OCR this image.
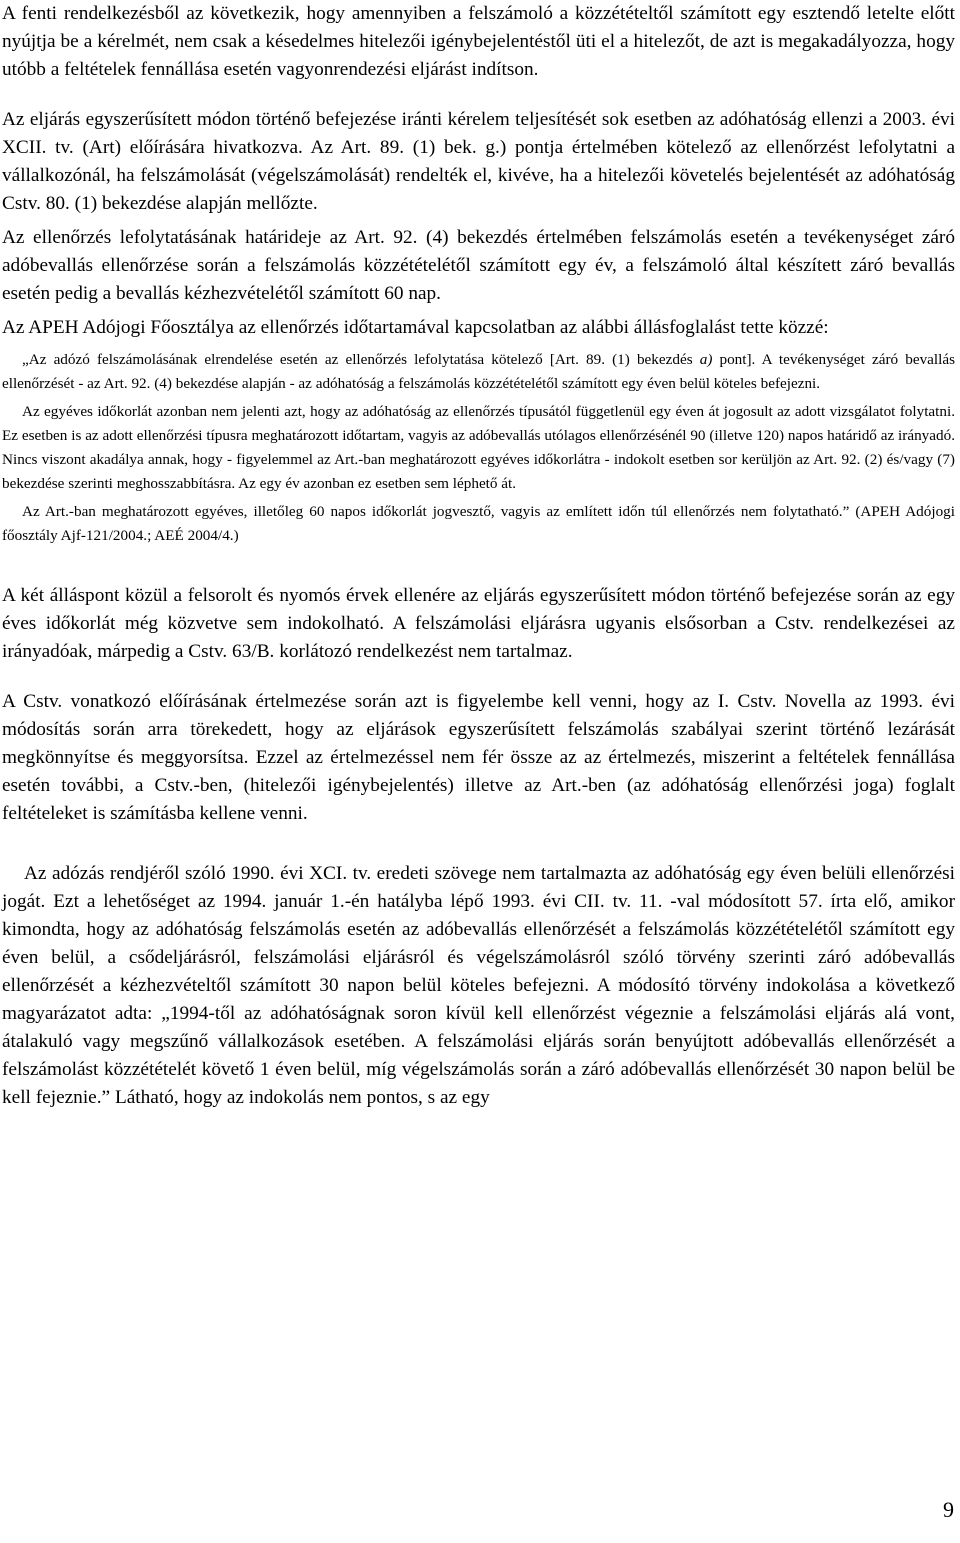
A fenti rendelkezésből az következik, hogy amennyiben a felszámoló a közzétételtől számított egy esztendő letelte előtt nyújtja be a kérelmét, nem csak a késedelmes hitelezői igénybejelentéstől üti el a hitelezőt, de azt is megakadályozza, hogy utóbb a feltételek fennállása esetén vagyonrendezési eljárást indítson.

Az eljárás egyszerűsített módon történő befejezése iránti kérelem teljesítését sok esetben az adóhatóság ellenzi a 2003. évi XCII. tv. (Art) előírására hivatkozva. Az Art. 89. (1) bek. g.) pontja értelmében kötelező az ellenőrzést lefolytatni a vállalkozónál, ha felszámolását (végelszámolását) rendelték el, kivéve, ha a hitelezői követelés bejelentését az adóhatóság Cstv. 80. (1) bekezdése alapján mellőzte.

Az ellenőrzés lefolytatásának határideje az Art. 92. (4) bekezdés értelmében felszámolás esetén a tevékenységet záró adóbevallás ellenőrzése során a felszámolás közzétételétől számított egy év, a felszámoló által készített záró bevallás esetén pedig a bevallás kézhezvételétől számított 60 nap.

Az APEH Adójogi Főosztálya az ellenőrzés időtartamával kapcsolatban az alábbi állásfoglalást tette közzé:

„Az adózó felszámolásának elrendelése esetén az ellenőrzés lefolytatása kötelező [Art. 89. (1) bekezdés a) pont]. A tevékenységet záró bevallás ellenőrzését - az Art. 92. (4) bekezdése alapján - az adóhatóság a felszámolás közzétételétől számított egy éven belül köteles befejezni.

Az egyéves időkorlát azonban nem jelenti azt, hogy az adóhatóság az ellenőrzés típusától függetlenül egy éven át jogosult az adott vizsgálatot folytatni. Ez esetben is az adott ellenőrzési típusra meghatározott időtartam, vagyis az adóbevallás utólagos ellenőrzésénél 90 (illetve 120) napos határidő az irányadó. Nincs viszont akadálya annak, hogy - figyelemmel az Art.-ban meghatározott egyéves időkorlátra - indokolt esetben sor kerüljön az Art. 92. (2) és/vagy (7) bekezdése szerinti meghosszabbításra. Az egy év azonban ez esetben sem léphető át.

Az Art.-ban meghatározott egyéves, illetőleg 60 napos időkorlát jogvesztő, vagyis az említett időn túl ellenőrzés nem folytatható.” (APEH Adójogi főosztály Ajf-121/2004.; AEÉ 2004/4.)

A két álláspont közül a felsorolt és nyomós érvek ellenére az eljárás egyszerűsített módon történő befejezése során az egy éves időkorlát még közvetve sem indokolható. A felszámolási eljárásra ugyanis elsősorban a Cstv. rendelkezései az irányadóak, márpedig a Cstv. 63/B. korlátozó rendelkezést nem tartalmaz.

A Cstv. vonatkozó előírásának értelmezése során azt is figyelembe kell venni, hogy az I. Cstv. Novella az 1993. évi módosítás során arra törekedett, hogy az eljárások egyszerűsített felszámolás szabályai szerint történő lezárását megkönnyítse és meggyorsítsa. Ezzel az értelmezéssel nem fér össze az az értelmezés, miszerint a feltételek fennállása esetén további, a Cstv.-ben, (hitelezői igénybejelentés) illetve az Art.-ben (az adóhatóság ellenőrzési joga) foglalt feltételeket is számításba kellene venni.

Az adózás rendjéről szóló 1990. évi XCI. tv. eredeti szövege nem tartalmazta az adóhatóság egy éven belüli ellenőrzési jogát. Ezt a lehetőséget az 1994. január 1.-én hatályba lépő 1993. évi CII. tv. 11. -val módosított 57. írta elő, amikor kimondta, hogy az adóhatóság felszámolás esetén az adóbevallás ellenőrzését a felszámolás közzétételétől számított egy éven belül, a csődeljárásról, felszámolási eljárásról és végelszámolásról szóló törvény szerinti záró adóbevallás ellenőrzését a kézhezvételtől számított 30 napon belül köteles befejezni. A módosító törvény indokolása a következő magyarázatot adta: „1994-től az adóhatóságnak soron kívül kell ellenőrzést végeznie a felszámolási eljárás alá vont, átalakuló vagy megszűnő vállalkozások esetében. A felszámolási eljárás során benyújtott adóbevallás ellenőrzését a felszámolást közzétételét követő 1 éven belül, míg végelszámolás során a záró adóbevallás ellenőrzését 30 napon belül be kell fejeznie.” Látható, hogy az indokolás nem pontos, s az egy

9
